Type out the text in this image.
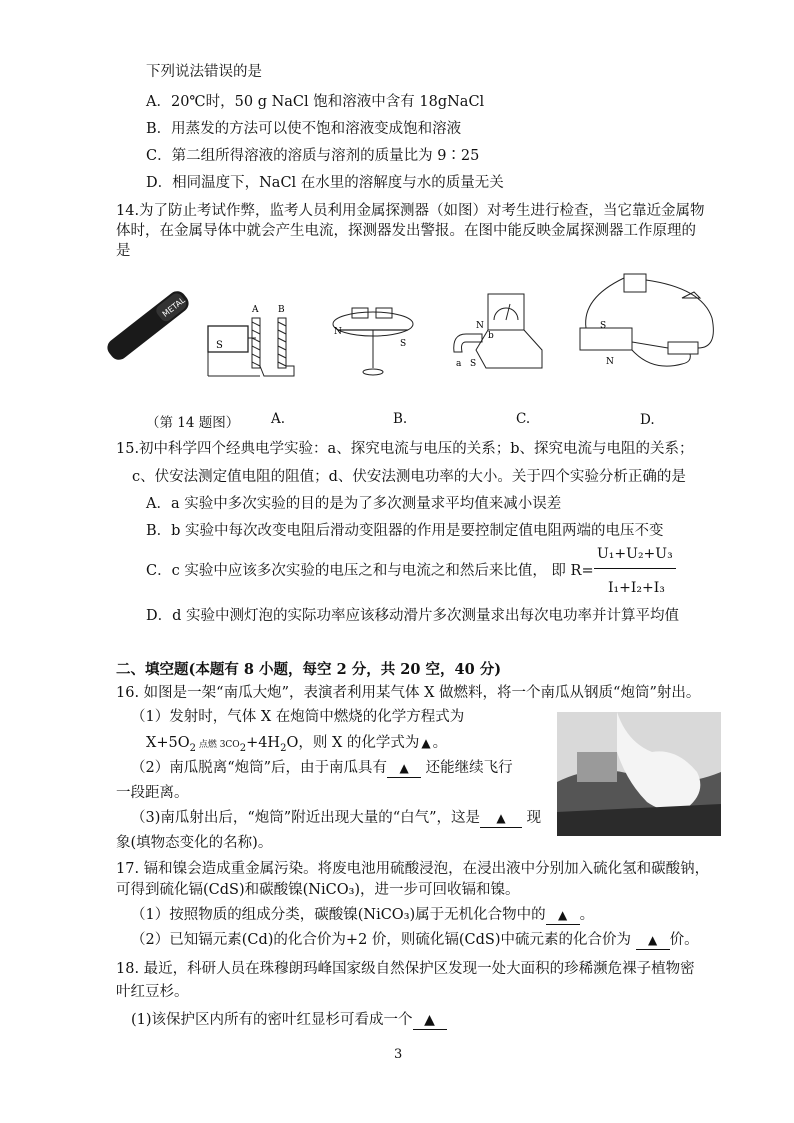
下列说法错误的是
A．20℃时，50 g NaCl 饱和溶液中含有 18gNaCl
B．用蒸发的方法可以使不饱和溶液变成饱和溶液
C．第二组所得溶液的溶质与溶剂的质量比为 9∶25
D．相同温度下，NaCl 在水里的溶解度与水的质量无关
14.为了防止考试作弊，监考人员利用金属探测器（如图）对考生进行检查，当它靠近金属物
体时，在金属导体中就会产生电流，探测器发出警报。在图中能反映金属探测器工作原理的
是
METAL
S
A B
A.
N
S
B.
N
b
a S
C.
S
N
D.
（第 14 题图）
15.初中科学四个经典电学实验：a、探究电流与电压的关系；b、探究电流与电阻的关系；
c、伏安法测定值电阻的阻值；d、伏安法测电功率的大小。关于四个实验分析正确的是
A．a 实验中多次实验的目的是为了多次测量求平均值来减小误差
B．b 实验中每次改变电阻后滑动变阻器的作用是要控制定值电阻两端的电压不变
C．c 实验中应该多次实验的电压之和与电流之和然后来比值， 即 R=
U₁+U₂+U₃
I₁+I₂+I₃
D．d 实验中测灯泡的实际功率应该移动滑片多次测量求出每次电功率并计算平均值
二、填空题(本题有 8 小题，每空 2 分，共 20 空，40 分)
16. 如图是一架“南瓜大炮”，表演者利用某气体 X 做燃料，将一个南瓜从钢质“炮筒”射出。
（1）发射时，气体 X 在炮筒中燃烧的化学方程式为
$X+5O_2$ 点燃 $3CO_2+4H_2O$，则 X 的化学式为 ▲ 。
（2）南瓜脱离“炮筒”后，由于南瓜具有 ▲ 还能继续飞行
一段距离。
（3)南瓜射出后，“炮筒”附近出现大量的“白气”，这是 ▲ 现
象(填物态变化的名称)。
17. 镉和镍会造成重金属污染。将废电池用硫酸浸泡，在浸出液中分别加入硫化氢和碳酸钠，
可得到硫化镉(CdS)和碳酸镍(NiCO₃)，进一步可回收镉和镍。
（1）按照物质的组成分类，碳酸镍(NiCO₃)属于无机化合物中的 ▲ 。
（2）已知镉元素(Cd)的化合价为+2 价，则硫化镉(CdS)中硫元素的化合价为 ▲ 价。
18. 最近，科研人员在珠穆朗玛峰国家级自然保护区发现一处大面积的珍稀濒危裸子植物密
叶红豆杉。
(1)该保护区内所有的密叶红显杉可看成一个 ▲
3
